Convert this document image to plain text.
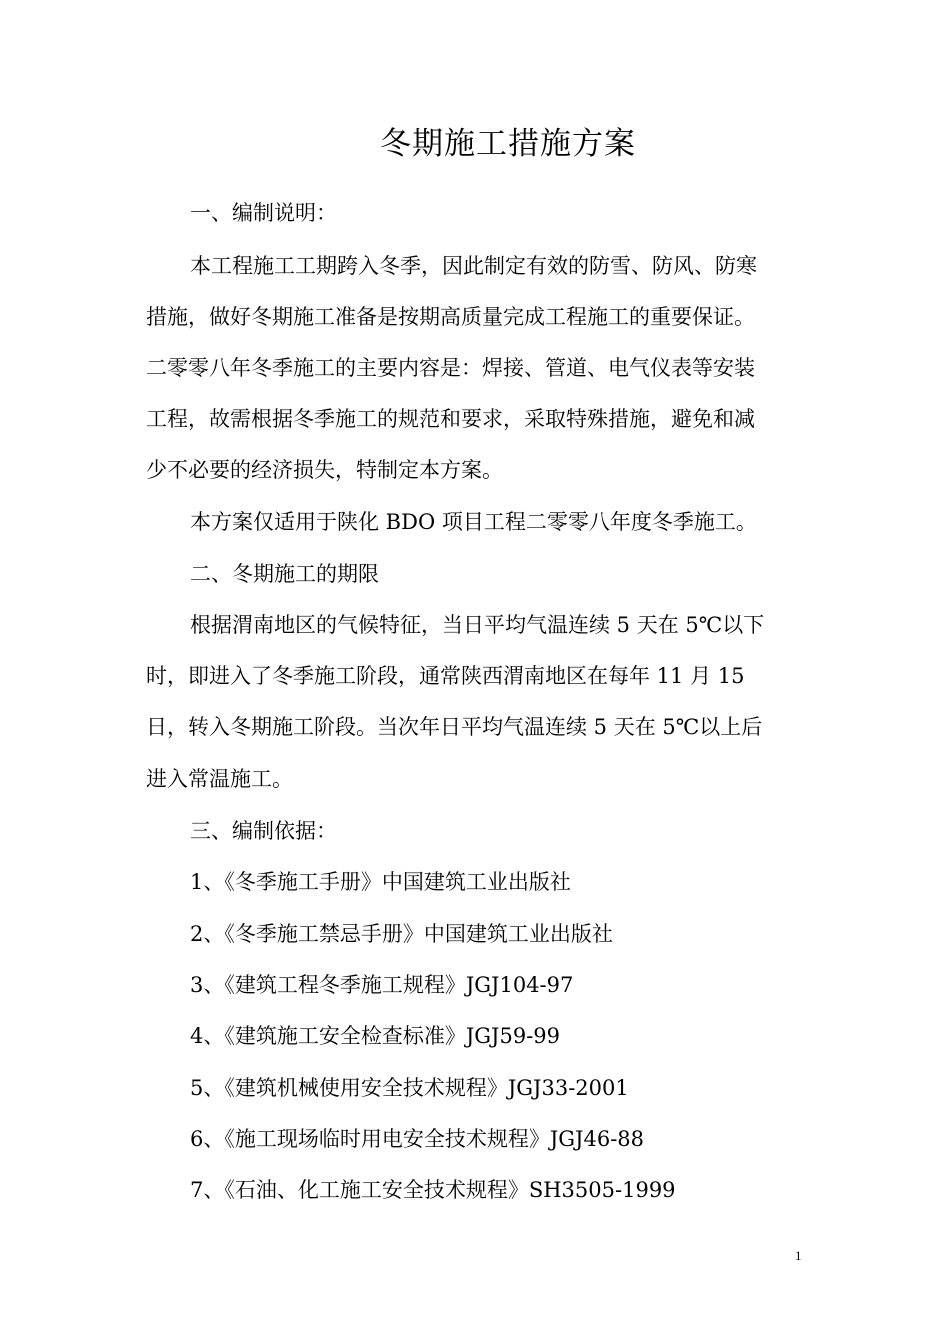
冬期施工措施方案
一、编制说明：
本工程施工工期跨入冬季，因此制定有效的防雪、防风、防寒
措施，做好冬期施工准备是按期高质量完成工程施工的重要保证。
二零零八年冬季施工的主要内容是：焊接、管道、电气仪表等安装
工程，故需根据冬季施工的规范和要求，采取特殊措施，避免和减
少不必要的经济损失，特制定本方案。
本方案仅适用于陕化 BDO 项目工程二零零八年度冬季施工。
二、冬期施工的期限
根据渭南地区的气候特征，当日平均气温连续 5 天在 5℃以下
时，即进入了冬季施工阶段，通常陕西渭南地区在每年 11 月 15
日，转入冬期施工阶段。当次年日平均气温连续 5 天在 5℃以上后
进入常温施工。
三、编制依据：
1、《冬季施工手册》中国建筑工业出版社
2、《冬季施工禁忌手册》中国建筑工业出版社
3、《建筑工程冬季施工规程》JGJ104-97
4、《建筑施工安全检查标准》JGJ59-99
5、《建筑机械使用安全技术规程》JGJ33-2001
6、《施工现场临时用电安全技术规程》JGJ46-88
7、《石油、化工施工安全技术规程》SH3505-1999
1
